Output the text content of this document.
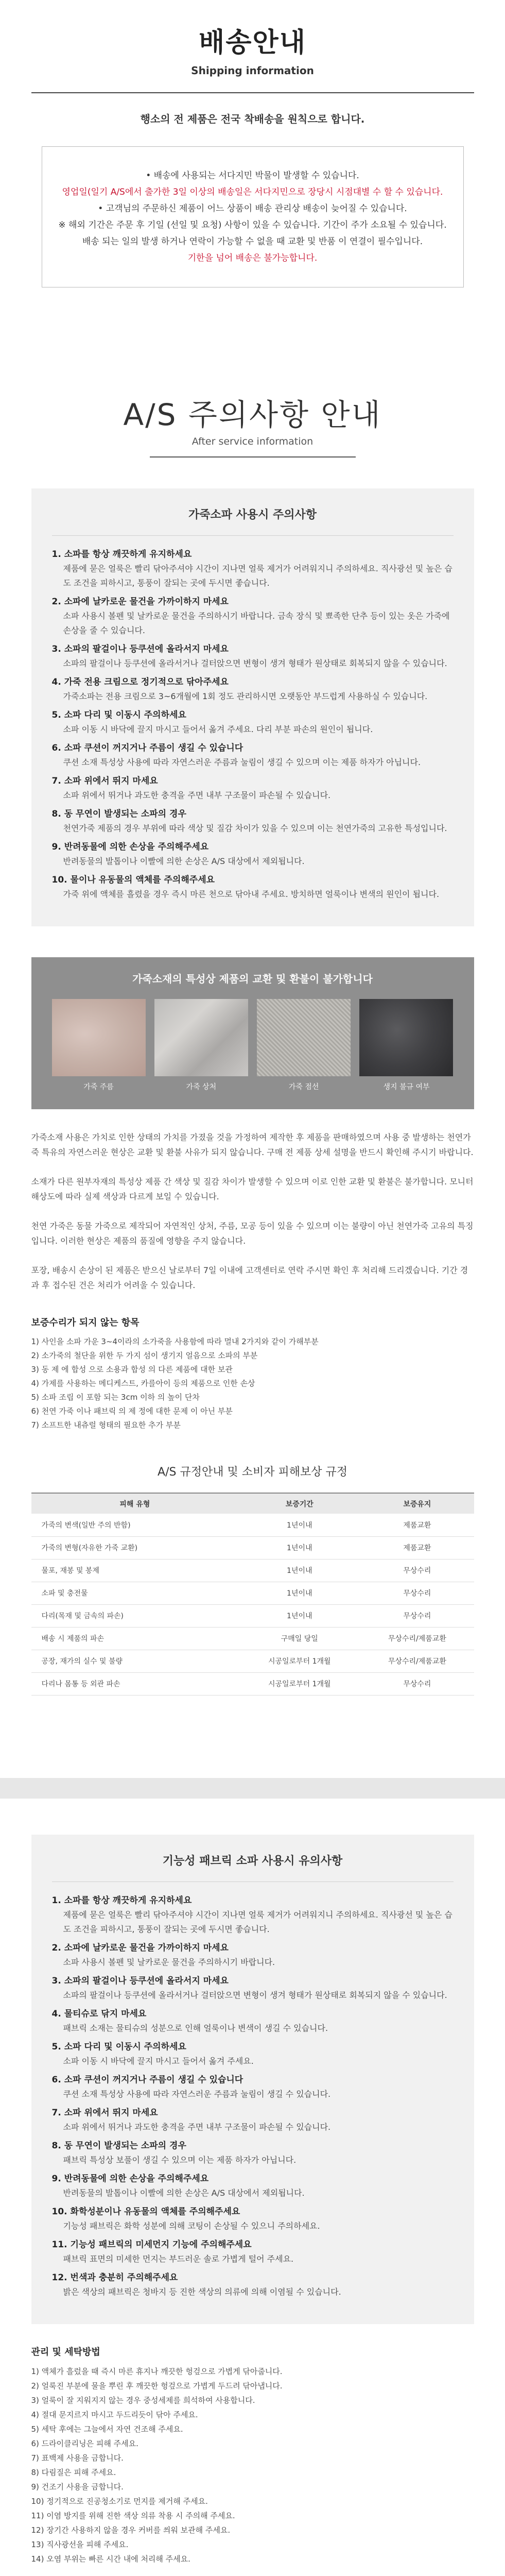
배송안내
Shipping information
행소의 전 제품은 전국 착배송을 원칙으로 합니다.
• 배송에 사용되는 서다지민 박물이 발생할 수 있습니다.
영업일(일기 A/S에서 출가한 3일 이상의 배송일은 서다지민으로 장당시 시점대별 수 할 수 있습니다.
• 고객님의 주문하신 제품이 어느 상품이 배송 관리상 배송이 늦어질 수 있습니다.
※ 해외 기간은 주문 후 기일 (선일 및 요청) 사항이 있을 수 있습니다. 기간이 주가 소요될 수 있습니다.
배송 되는 일의 발생 하거나 연락이 가능할 수 없을 때 교환 및 반품 이 연결이 필수입니다.
기한을 넘어 배송은 불가능합니다.
A/S 주의사항 안내
After service information
가죽소파 사용시 주의사항
1. 소파를 항상 깨끗하게 유지하세요
제품에 묻은 얼룩은 빨리 닦아주셔야 시간이 지나면 얼룩 제거가 어려워지니 주의하세요. 직사광선 및 높은 습도 조건을 피하시고, 통풍이 잘되는 곳에 두시면 좋습니다.
2. 소파에 날카로운 물건을 가까이하지 마세요
소파 사용시 볼펜 및 날카로운 물건을 주의하시기 바랍니다. 금속 장식 및 뾰족한 단추 등이 있는 옷은 가죽에 손상을 줄 수 있습니다.
3. 소파의 팔걸이나 등쿠션에 올라서지 마세요
소파의 팔걸이나 등쿠션에 올라서거나 걸터앉으면 변형이 생겨 형태가 원상태로 회복되지 않을 수 있습니다.
4. 가죽 전용 크림으로 정기적으로 닦아주세요
가죽소파는 전용 크림으로 3~6개월에 1회 정도 관리하시면 오랫동안 부드럽게 사용하실 수 있습니다.
5. 소파 다리 및 이동시 주의하세요
소파 이동 시 바닥에 끌지 마시고 들어서 옮겨 주세요. 다리 부분 파손의 원인이 됩니다.
6. 소파 쿠션이 꺼지거나 주름이 생길 수 있습니다
쿠션 소재 특성상 사용에 따라 자연스러운 주름과 눌림이 생길 수 있으며 이는 제품 하자가 아닙니다.
7. 소파 위에서 뛰지 마세요
소파 위에서 뛰거나 과도한 충격을 주면 내부 구조물이 파손될 수 있습니다.
8. 동 무연이 발생되는 소파의 경우
천연가죽 제품의 경우 부위에 따라 색상 및 질감 차이가 있을 수 있으며 이는 천연가죽의 고유한 특성입니다.
9. 반려동물에 의한 손상을 주의해주세요
반려동물의 발톱이나 이빨에 의한 손상은 A/S 대상에서 제외됩니다.
10. 물이나 유동물의 액체를 주의해주세요
가죽 위에 액체를 흘렸을 경우 즉시 마른 천으로 닦아내 주세요. 방치하면 얼룩이나 변색의 원인이 됩니다.
가죽소재의 특성상 제품의 교환 및 환불이 불가합니다
가죽 주름	가죽 상처	가죽 점선	생지 불규 여부
가죽소재 사용은 가치로 인한 상태의 가치를 가졌을 것을 가정하여 제작한 후 제품을 판매하였으며 사용 중 발생하는 천연가죽 특유의 자연스러운 현상은 교환 및 환불 사유가 되지 않습니다. 구매 전 제품 상세 설명을 반드시 확인해 주시기 바랍니다.
소재가 다른 원부자재의 특성상 제품 간 색상 및 질감 차이가 발생할 수 있으며 이로 인한 교환 및 환불은 불가합니다. 모니터 해상도에 따라 실제 색상과 다르게 보일 수 있습니다.
천연 가죽은 동물 가죽으로 제작되어 자연적인 상처, 주름, 모공 등이 있을 수 있으며 이는 불량이 아닌 천연가죽 고유의 특징입니다. 이러한 현상은 제품의 품질에 영향을 주지 않습니다.
포장, 배송시 손상이 된 제품은 받으신 날로부터 7일 이내에 고객센터로 연락 주시면 확인 후 처리해 드리겠습니다. 기간 경과 후 접수된 건은 처리가 어려울 수 있습니다.
보증수리가 되지 않는 항목
1) 사인을 소파 가운 3~4이라의 소가죽을 사용함에 따라 멀내 2가지와 같이 가해부분
2) 소가죽의 철단을 위한 두 가지 섬이 생기지 얼음으로 소파의 부분
3) 동 제 에 합성 으로 소용과 합성 의 다른 제품에 대한 보관
4) 가제를 사용하는 메디케스트, 카를아이 등의 제품으로 인한 손상
5) 소파 조립 이 포함 되는 3cm 이하 의 높이 단차
6) 천연 가죽 이나 패브릭 의 제 정에 대한 문제 이 아닌 부분
7) 소프트한 내츄럴 형태의 필요한 추가 부분
A/S 규정안내 및 소비자 피해보상 규정
피해 유형	보증기간	보증유지
가죽의 변색(일반 주의 반함)	1년이내	제품교환
가죽의 변형(자유한 가죽 교환)	1년이내	제품교환
물포, 재봉 및 봉제	1년이내	무상수리
소파 및 충전물	1년이내	무상수리
다리(목재 및 금속의 파손)	1년이내	무상수리
배송 시 제품의 파손	구매일 당일	무상수리/제품교환
공장, 재가의 실수 및 불량	시공일로부터 1개월	무상수리/제품교환
다리나 몸통 등 외관 파손	시공일로부터 1개월	무상수리
기능성 패브릭 소파 사용시 유의사항
1. 소파를 항상 깨끗하게 유지하세요
제품에 묻은 얼룩은 빨리 닦아주셔야 시간이 지나면 얼룩 제거가 어려워지니 주의하세요. 직사광선 및 높은 습도 조건을 피하시고, 통풍이 잘되는 곳에 두시면 좋습니다.
2. 소파에 날카로운 물건을 가까이하지 마세요
소파 사용시 볼펜 및 날카로운 물건을 주의하시기 바랍니다.
3. 소파의 팔걸이나 등쿠션에 올라서지 마세요
소파의 팔걸이나 등쿠션에 올라서거나 걸터앉으면 변형이 생겨 형태가 원상태로 회복되지 않을 수 있습니다.
4. 물티슈로 닦지 마세요
패브릭 소재는 물티슈의 성분으로 인해 얼룩이나 변색이 생길 수 있습니다.
5. 소파 다리 및 이동시 주의하세요
소파 이동 시 바닥에 끌지 마시고 들어서 옮겨 주세요.
6. 소파 쿠션이 꺼지거나 주름이 생길 수 있습니다
쿠션 소재 특성상 사용에 따라 자연스러운 주름과 눌림이 생길 수 있습니다.
7. 소파 위에서 뛰지 마세요
소파 위에서 뛰거나 과도한 충격을 주면 내부 구조물이 파손될 수 있습니다.
8. 동 무연이 발생되는 소파의 경우
패브릭 특성상 보풀이 생길 수 있으며 이는 제품 하자가 아닙니다.
9. 반려동물에 의한 손상을 주의해주세요
반려동물의 발톱이나 이빨에 의한 손상은 A/S 대상에서 제외됩니다.
10. 화학성분이나 유동물의 액체를 주의해주세요
기능성 패브릭은 화학 성분에 의해 코팅이 손상될 수 있으니 주의하세요.
11. 기능성 패브릭의 미세먼지 기능에 주의해주세요
패브릭 표면의 미세한 먼지는 부드러운 솔로 가볍게 털어 주세요.
12. 번색과 충분히 주의해주세요
밝은 색상의 패브릭은 청바지 등 진한 색상의 의류에 의해 이염될 수 있습니다.
관리 및 세탁방법
1) 액체가 흘렀을 때 즉시 마른 휴지나 깨끗한 헝겊으로 가볍게 닦아줍니다.
2) 얼룩진 부분에 물을 뿌린 후 깨끗한 헝겊으로 가볍게 두드려 닦아냅니다.
3) 얼룩이 잘 지워지지 않는 경우 중성세제를 희석하여 사용합니다.
4) 절대 문지르지 마시고 두드리듯이 닦아 주세요.
5) 세탁 후에는 그늘에서 자연 건조해 주세요.
6) 드라이클리닝은 피해 주세요.
7) 표백제 사용을 금합니다.
8) 다림질은 피해 주세요.
9) 건조기 사용을 금합니다.
10) 정기적으로 진공청소기로 먼지를 제거해 주세요.
11) 이염 방지를 위해 진한 색상 의류 착용 시 주의해 주세요.
12) 장기간 사용하지 않을 경우 커버를 씌워 보관해 주세요.
13) 직사광선을 피해 주세요.
14) 오염 부위는 빠른 시간 내에 처리해 주세요.
